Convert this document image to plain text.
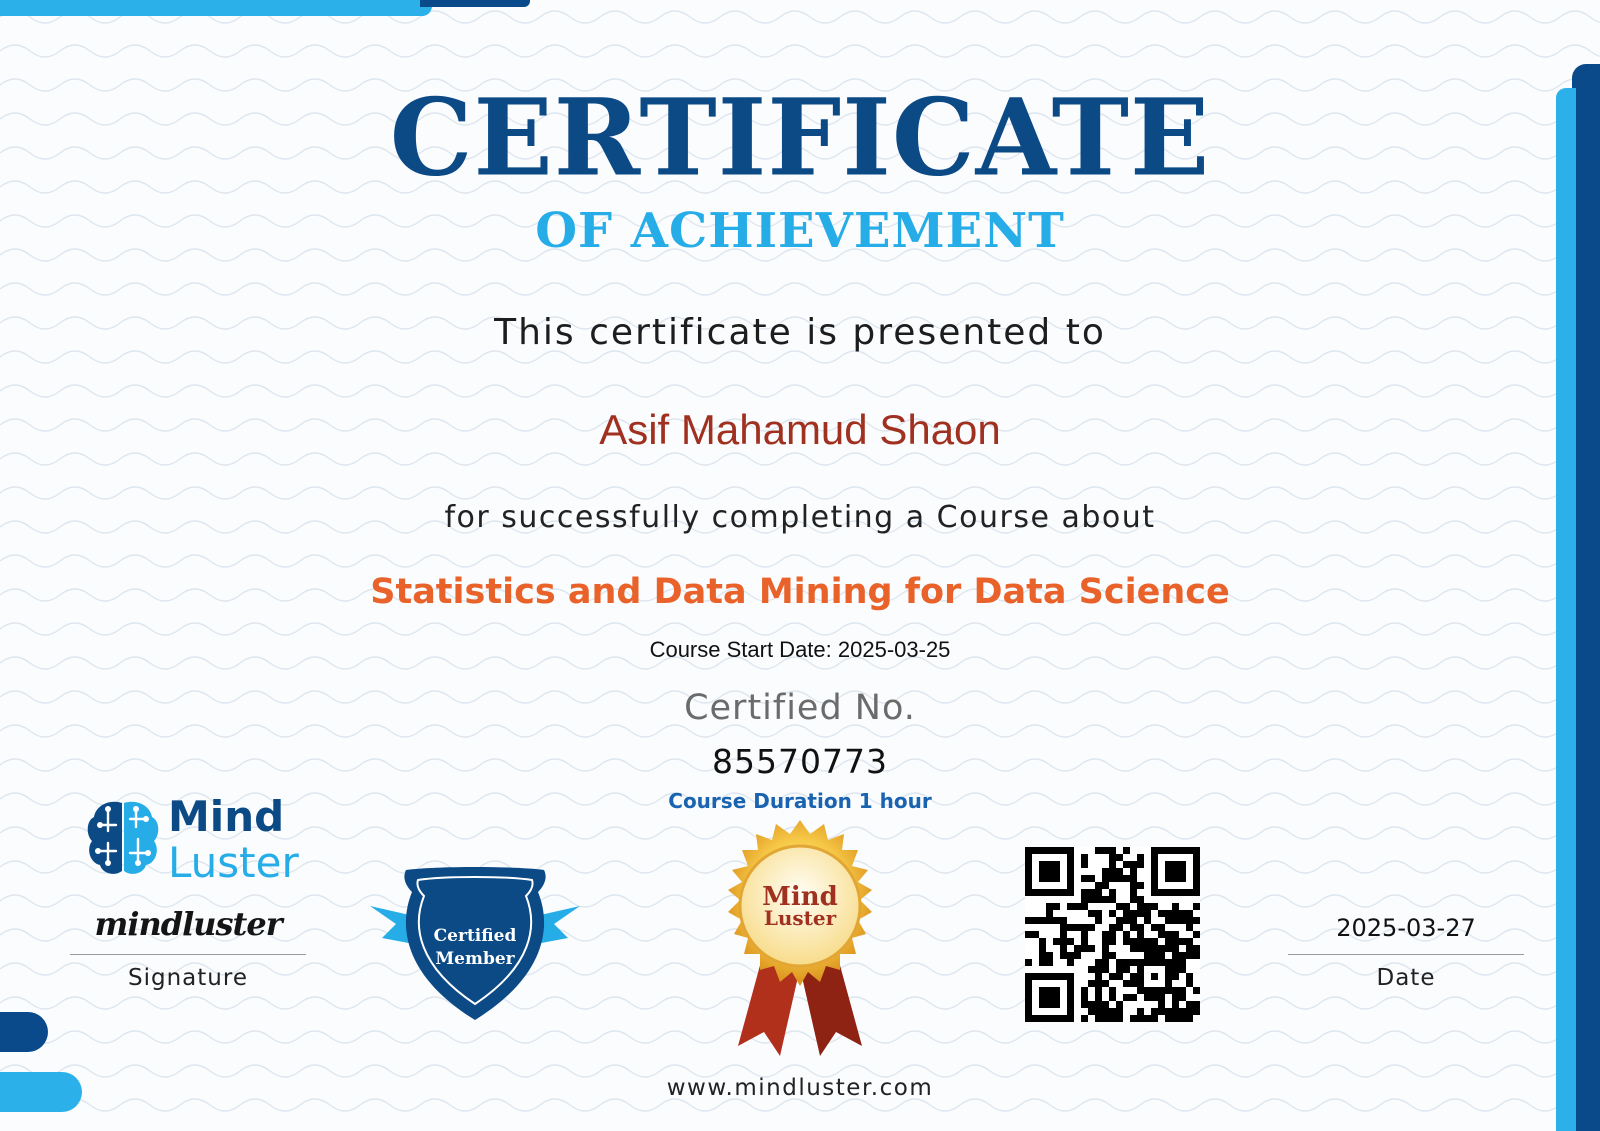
CERTIFICATE
OF ACHIEVEMENT
This certificate is presented to
Asif Mahamud Shaon
for successfully completing a Course about
Statistics and Data Mining for Data Science
Course Start Date: 2025-03-25
Certified No.
85570773
Course Duration 1 hour
www.mindluster.com
Mind
Luster
mindluster
Signature
Certified
Member
Mind
Luster	2025-03-27
Date
